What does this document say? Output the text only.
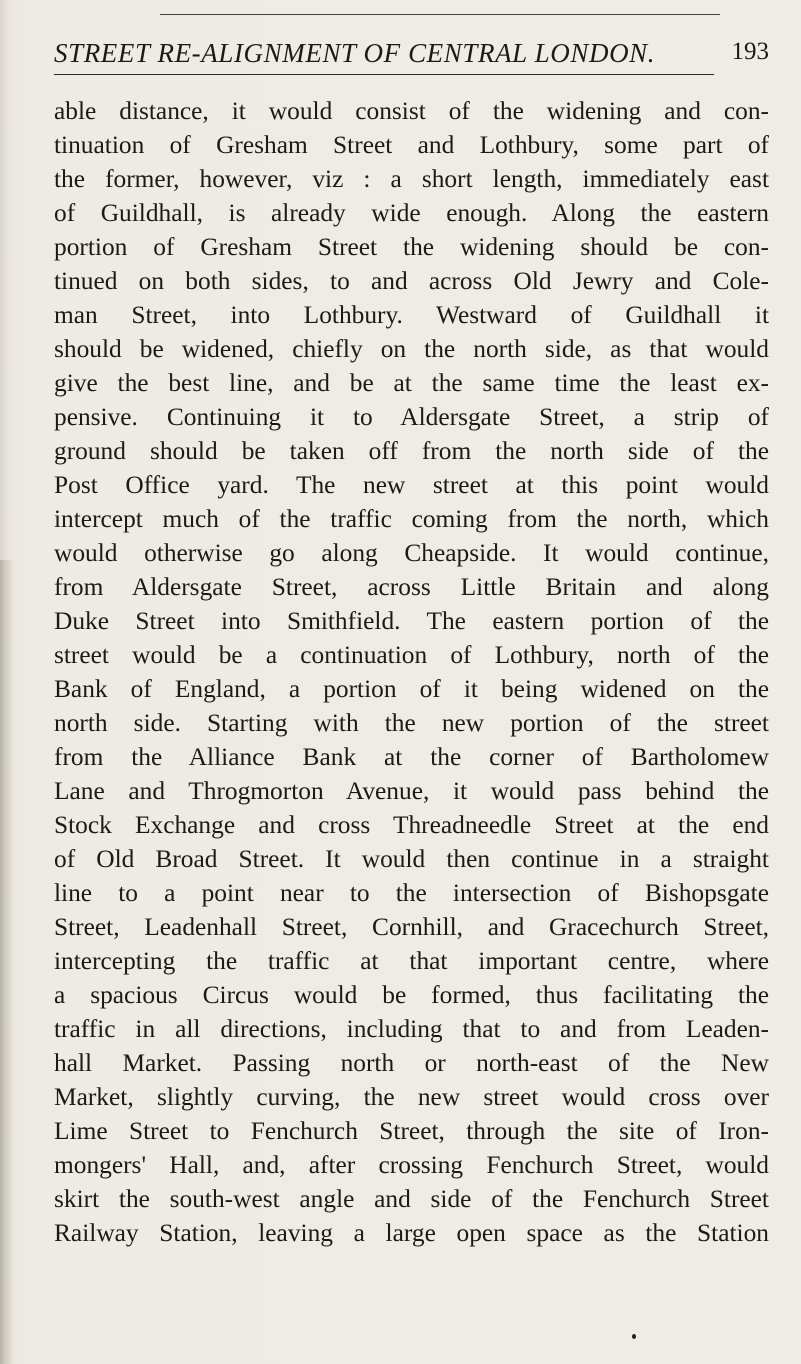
STREET RE-ALIGNMENT OF CENTRAL LONDON.	193
able distance, it would consist of the widening and con-
tinuation of Gresham Street and Lothbury, some part of
the former, however, viz : a short length, immediately east
of Guildhall, is already wide enough. Along the eastern
portion of Gresham Street the widening should be con-
tinued on both sides, to and across Old Jewry and Cole-
man Street, into Lothbury. Westward of Guildhall it
should be widened, chiefly on the north side, as that would
give the best line, and be at the same time the least ex-
pensive. Continuing it to Aldersgate Street, a strip of
ground should be taken off from the north side of the
Post Office yard. The new street at this point would
intercept much of the traffic coming from the north, which
would otherwise go along Cheapside. It would continue,
from Aldersgate Street, across Little Britain and along
Duke Street into Smithfield. The eastern portion of the
street would be a continuation of Lothbury, north of the
Bank of England, a portion of it being widened on the
north side. Starting with the new portion of the street
from the Alliance Bank at the corner of Bartholomew
Lane and Throgmorton Avenue, it would pass behind the
Stock Exchange and cross Threadneedle Street at the end
of Old Broad Street. It would then continue in a straight
line to a point near to the intersection of Bishopsgate
Street, Leadenhall Street, Cornhill, and Gracechurch Street,
intercepting the traffic at that important centre, where
a spacious Circus would be formed, thus facilitating the
traffic in all directions, including that to and from Leaden-
hall Market. Passing north or north-east of the New
Market, slightly curving, the new street would cross over
Lime Street to Fenchurch Street, through the site of Iron-
mongers' Hall, and, after crossing Fenchurch Street, would
skirt the south-west angle and side of the Fenchurch Street
Railway Station, leaving a large open space as the Station
